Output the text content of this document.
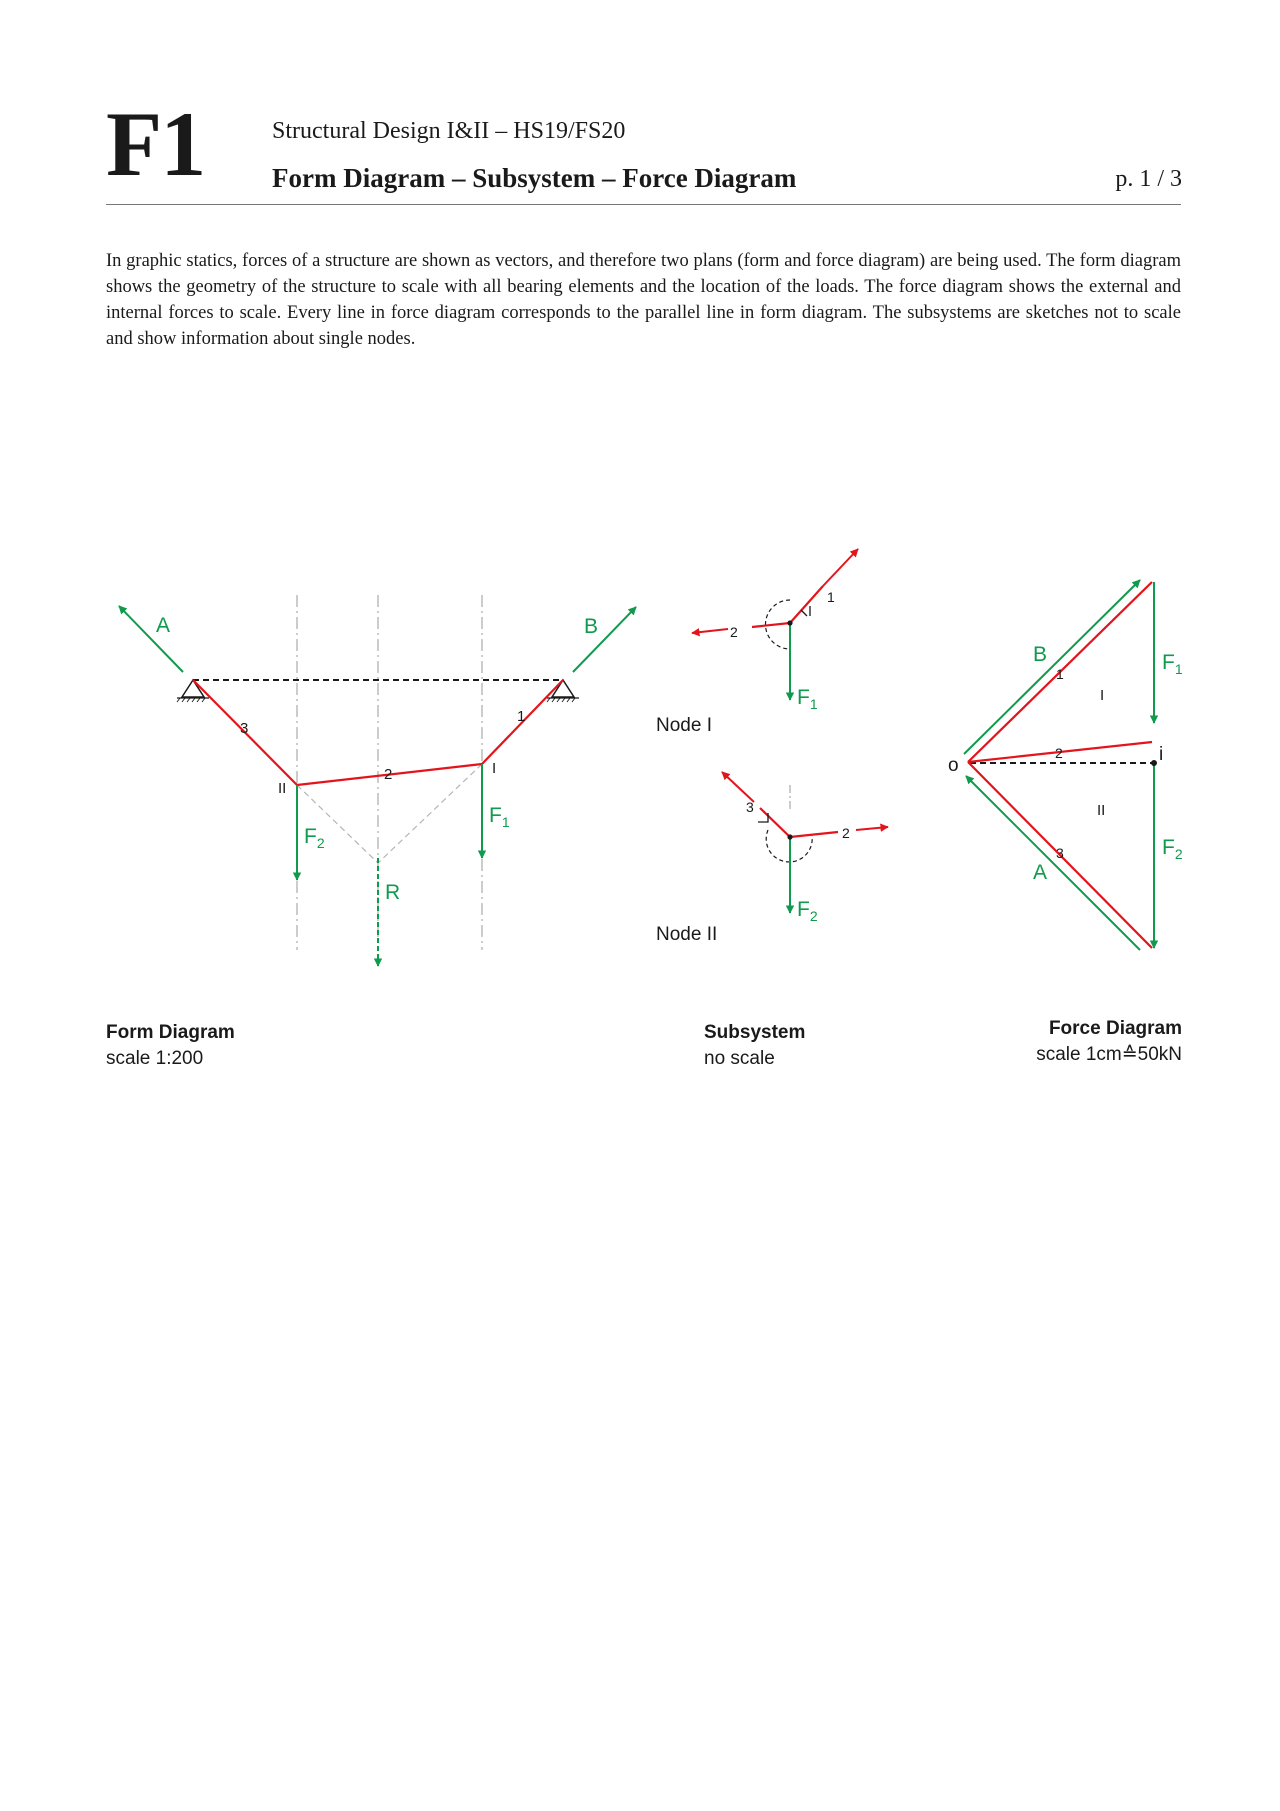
F1	Structural Design I&II – HS19/FS20
Form Diagram – Subsystem – Force Diagram	p. 1 / 3

In graphic statics, forces of a structure are shown as vectors, and therefore two plans (form and force diagram) are being used. The form diagram shows the geometry of the structure to scale with all bearing elements and the location of the loads. The force diagram shows the external and internal forces to scale. Every line in force diagram corresponds to the parallel line in form diagram. The subsystems are sketches not to scale and show information about single nodes.

A	B
R
$F_2$
$F_1$
3
2
1
I
II
1
2
$F_1$
Node I
3
2
$F_2$
Node II
o
i
B
A
$F_1$
$F_2$
1
2
3
I
II
Form Diagram
scale 1:200
Subsystem
no scale
Force Diagram
scale 1cm≙50kN
